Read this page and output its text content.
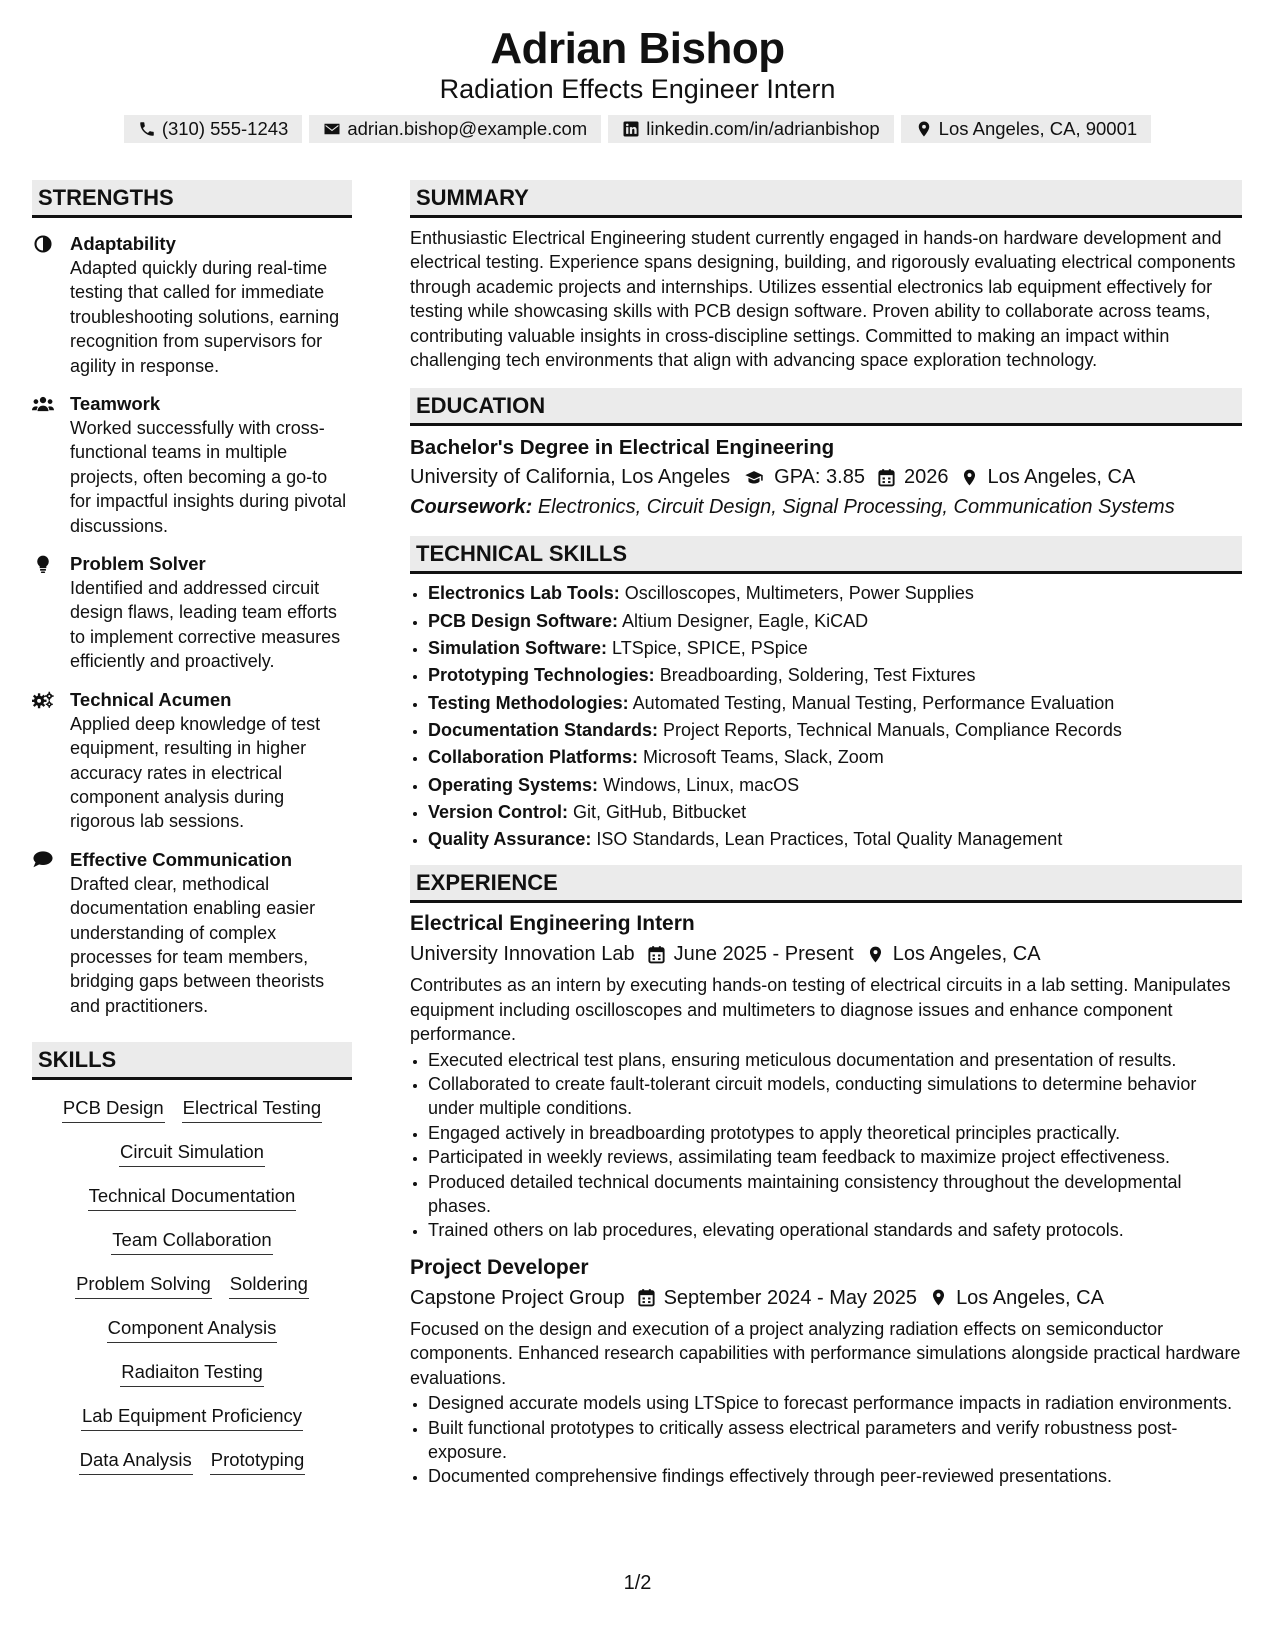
Adrian Bishop
Radiation Effects Engineer Intern
(310) 555-1243	adrian.bishop@example.com	linkedin.com/in/adrianbishop	Los Angeles, CA, 90001
STRENGTHS
Adaptability
Adapted quickly during real-time testing that called for immediate troubleshooting solutions, earning recognition from supervisors for agility in response.
Teamwork
Worked successfully with cross-functional teams in multiple projects, often becoming a go-to for impactful insights during pivotal discussions.
Problem Solver
Identified and addressed circuit design flaws, leading team efforts to implement corrective measures efficiently and proactively.
Technical Acumen
Applied deep knowledge of test equipment, resulting in higher accuracy rates in electrical component analysis during rigorous lab sessions.
Effective Communication
Drafted clear, methodical documentation enabling easier understanding of complex processes for team members, bridging gaps between theorists and practitioners.
SKILLS
PCB Design Electrical Testing
Circuit Simulation
Technical Documentation
Team Collaboration
Problem Solving Soldering
Component Analysis
Radiaiton Testing
Lab Equipment Proficiency
Data Analysis Prototyping
SUMMARY

Enthusiastic Electrical Engineering student currently engaged in hands-on hardware development and electrical testing. Experience spans designing, building, and rigorously evaluating electrical components through academic projects and internships. Utilizes essential electronics lab equipment effectively for testing while showcasing skills with PCB design software. Proven ability to collaborate across teams, contributing valuable insights in cross-discipline settings. Committed to making an impact within challenging tech environments that align with advancing space exploration technology.

EDUCATION
Bachelor's Degree in Electrical Engineering
University of California, Los Angeles GPA: 3.85 2026 Los Angeles, CA
Coursework: Electronics, Circuit Design, Signal Processing, Communication Systems
TECHNICAL SKILLS
• Electronics Lab Tools: Oscilloscopes, Multimeters, Power Supplies
• PCB Design Software: Altium Designer, Eagle, KiCAD
• Simulation Software: LTSpice, SPICE, PSpice
• Prototyping Technologies: Breadboarding, Soldering, Test Fixtures
• Testing Methodologies: Automated Testing, Manual Testing, Performance Evaluation
• Documentation Standards: Project Reports, Technical Manuals, Compliance Records
• Collaboration Platforms: Microsoft Teams, Slack, Zoom
• Operating Systems: Windows, Linux, macOS
• Version Control: Git, GitHub, Bitbucket
• Quality Assurance: ISO Standards, Lean Practices, Total Quality Management
EXPERIENCE
Electrical Engineering Intern
University Innovation Lab June 2025 - Present Los Angeles, CA

Contributes as an intern by executing hands-on testing of electrical circuits in a lab setting. Manipulates equipment including oscilloscopes and multimeters to diagnose issues and enhance component performance.

• Executed electrical test plans, ensuring meticulous documentation and presentation of results.
• Collaborated to create fault-tolerant circuit models, conducting simulations to determine behavior under multiple conditions.
• Engaged actively in breadboarding prototypes to apply theoretical principles practically.
• Participated in weekly reviews, assimilating team feedback to maximize project effectiveness.
• Produced detailed technical documents maintaining consistency throughout the developmental phases.
• Trained others on lab procedures, elevating operational standards and safety protocols.
Project Developer
Capstone Project Group September 2024 - May 2025 Los Angeles, CA

Focused on the design and execution of a project analyzing radiation effects on semiconductor components. Enhanced research capabilities with performance simulations alongside practical hardware evaluations.

• Designed accurate models using LTSpice to forecast performance impacts in radiation environments.
• Built functional prototypes to critically assess electrical parameters and verify robustness post-exposure.
• Documented comprehensive findings effectively through peer-reviewed presentations.
1/2
